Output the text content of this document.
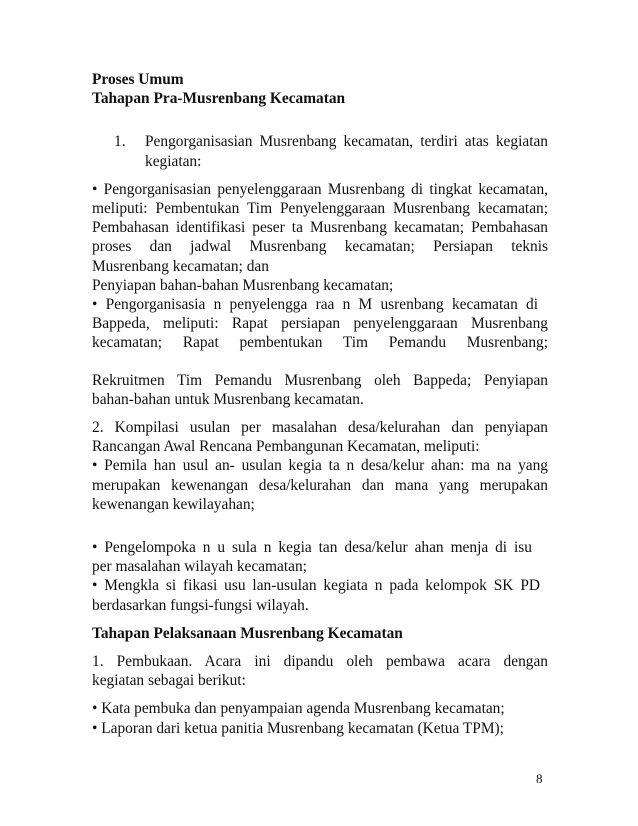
Proses Umum
Tahapan Pra-Musrenbang Kecamatan
1.	Pengorganisasian Musrenbang kecamatan, terdiri atas kegiatan
kegiatan:
• Pengorganisasian penyelenggaraan Musrenbang di tingkat kecamatan,
meliputi: Pembentukan Tim Penyelenggaraan Musrenbang kecamatan;
Pembahasan identifikasi peser ta Musrenbang kecamatan; Pembahasan
proses dan jadwal Musrenbang kecamatan; Persiapan teknis
Musrenbang kecamatan; dan
Penyiapan bahan-bahan Musrenbang kecamatan;
• Pengorganisasia n penyelengga raa n M usrenbang kecamatan di
Bappeda, meliputi: Rapat persiapan penyelenggaraan Musrenbang
kecamatan; Rapat pembentukan Tim Pemandu Musrenbang;
Rekruitmen Tim Pemandu Musrenbang oleh Bappeda; Penyiapan
bahan-bahan untuk Musrenbang kecamatan.
2. Kompilasi usulan per masalahan desa/kelurahan dan penyiapan
Rancangan Awal Rencana Pembangunan Kecamatan, meliputi:
• Pemila han usul an- usulan kegia ta n desa/kelur ahan: ma na yang
merupakan kewenangan desa/kelurahan dan mana yang merupakan
kewenangan kewilayahan;
• Pengelompoka n u sula n kegia tan desa/kelur ahan menja di isu
per masalahan wilayah kecamatan;
• Mengkla si fikasi usu lan-usulan kegiata n pada kelompok SK PD
berdasarkan fungsi-fungsi wilayah.
Tahapan Pelaksanaan Musrenbang Kecamatan
1. Pembukaan. Acara ini dipandu oleh pembawa acara dengan
kegiatan sebagai berikut:
• Kata pembuka dan penyampaian agenda Musrenbang kecamatan;
• Laporan dari ketua panitia Musrenbang kecamatan (Ketua TPM);
8
